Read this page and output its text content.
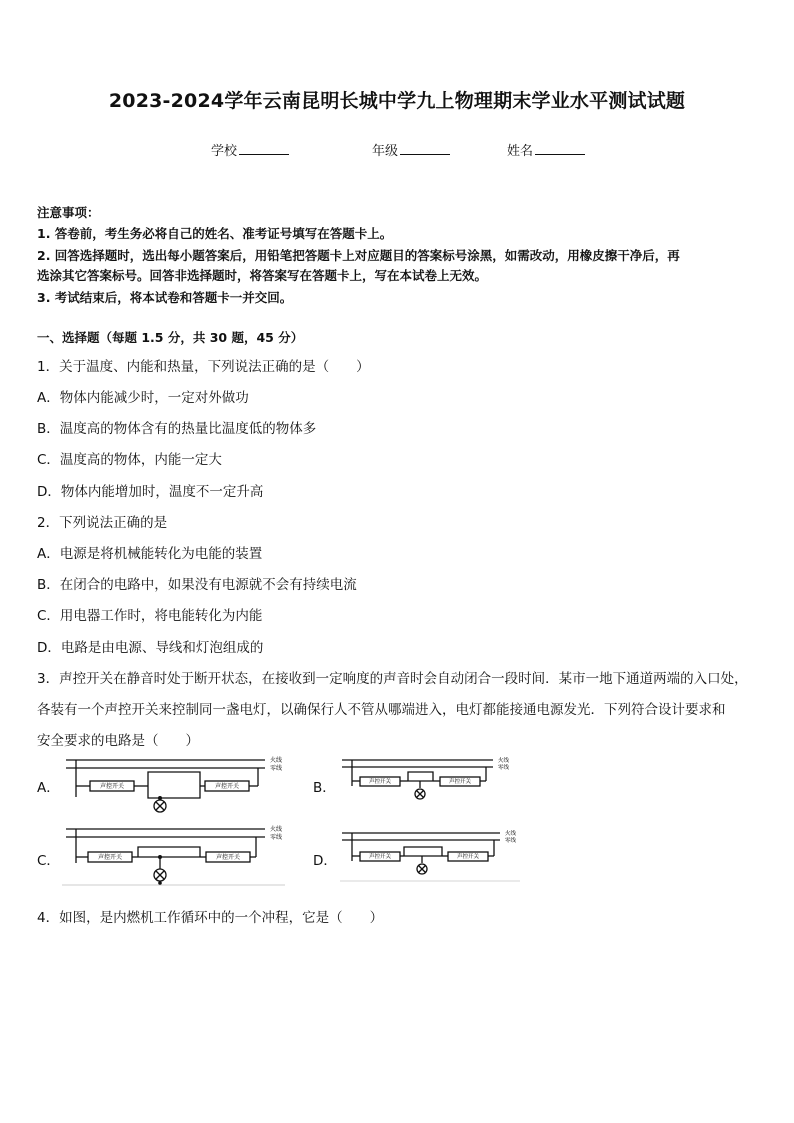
2023-2024学年云南昆明长城中学九上物理期末学业水平测试试题
学校	年级	姓名
注意事项：
1. 答卷前，考生务必将自己的姓名、准考证号填写在答题卡上。
2. 回答选择题时，选出每小题答案后，用铅笔把答题卡上对应题目的答案标号涂黑，如需改动，用橡皮擦干净后，再
选涂其它答案标号。回答非选择题时，将答案写在答题卡上，写在本试卷上无效。
3. 考试结束后，将本试卷和答题卡一并交回。
一、选择题（每题 1.5 分，共 30 题，45 分）
1．关于温度、内能和热量，下列说法正确的是（　　）
A．物体内能减少时，一定对外做功
B．温度高的物体含有的热量比温度低的物体多
C．温度高的物体，内能一定大
D．物体内能增加时，温度不一定升高
2．下列说法正确的是
A．电源是将机械能转化为电能的装置
B．在闭合的电路中，如果没有电源就不会有持续电流
C．用电器工作时，将电能转化为内能
D．电路是由电源、导线和灯泡组成的
3．声控开关在静音时处于断开状态，在接收到一定响度的声音时会自动闭合一段时间．某市一地下通道两端的入口处，
各装有一个声控开关来控制同一盏电灯，以确保行人不管从哪端进入，电灯都能接通电源发光．下列符合设计要求和
安全要求的电路是（　　）
A．
火线
零线
声控开关	声控开关	B．
火线
零线
声控开关	声控开关
C．
火线
零线
声控开关	声控开关	D．
火线
零线
声控开关	声控开关
4．如图，是内燃机工作循环中的一个冲程，它是（　　）
